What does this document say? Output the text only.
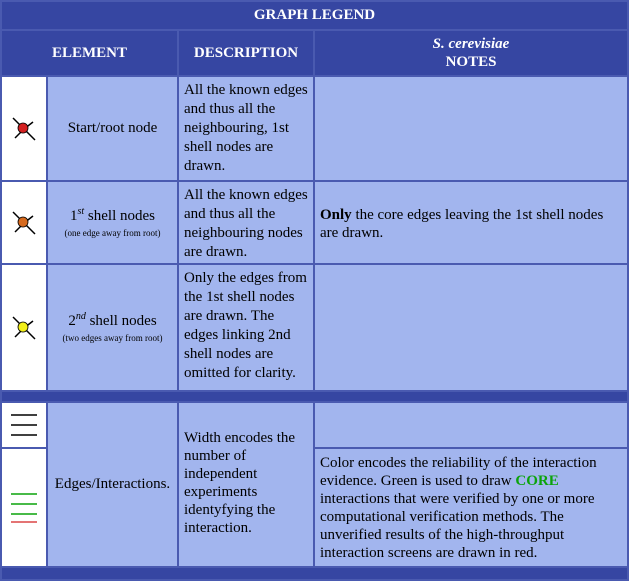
GRAPH LEGEND
ELEMENT	DESCRIPTION
S. cerevisiae
NOTES
Start/root node
All the known edges and thus all the neighbouring, 1st shell nodes are drawn.
1st shell nodes
(one edge away from root)
All the known edges and thus all the neighbouring nodes are drawn.
Only the core edges leaving the 1st shell nodes are drawn.
2nd shell nodes
(two edges away from root)
Only the edges from the 1st shell nodes are drawn. The edges linking 2nd shell nodes are omitted for clarity.
Edges/Interactions.
Width encodes the number of independent experiments identyfying the interaction.
Color encodes the reliability of the interaction evidence. Green is used to draw CORE interactions that were verified by one or more computational verification methods. The unverified results of the high-throughput interaction screens are drawn in red.
